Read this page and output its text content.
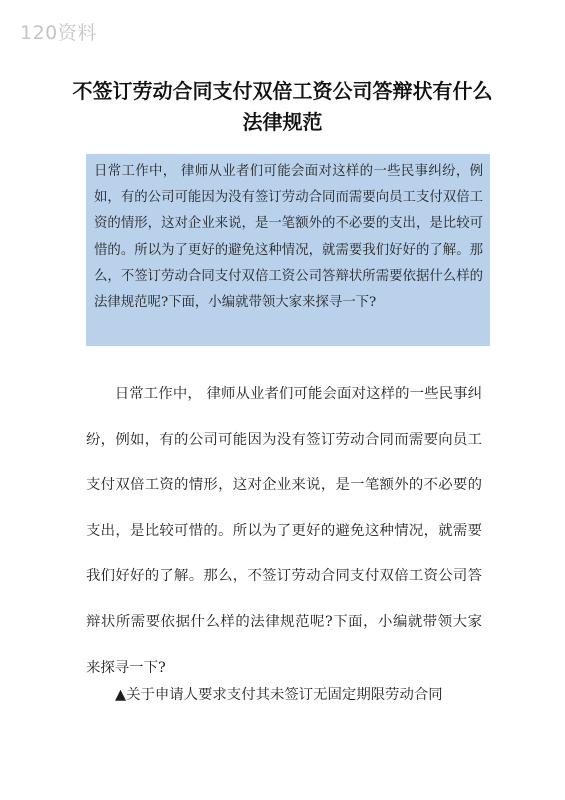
120资料
不签订劳动合同支付双倍工资公司答辩状有什么法律规范
日常工作中， 律师从业者们可能会面对这样的一些民事纠纷，例如，有的公司可能因为没有签订劳动合同而需要向员工支付双倍工资的情形，这对企业来说，是一笔额外的不必要的支出，是比较可惜的。所以为了更好的避免这种情况，就需要我们好好的了解。那么，不签订劳动合同支付双倍工资公司答辩状所需要依据什么样的法律规范呢?下面，小编就带领大家来探寻一下?

日常工作中， 律师从业者们可能会面对这样的一些民事纠纷，例如，有的公司可能因为没有签订劳动合同而需要向员工支付双倍工资的情形，这对企业来说，是一笔额外的不必要的支出，是比较可惜的。所以为了更好的避免这种情况，就需要我们好好的了解。那么，不签订劳动合同支付双倍工资公司答辩状所需要依据什么样的法律规范呢?下面，小编就带领大家来探寻一下?

▲关于申请人要求支付其未签订无固定期限劳动合同
